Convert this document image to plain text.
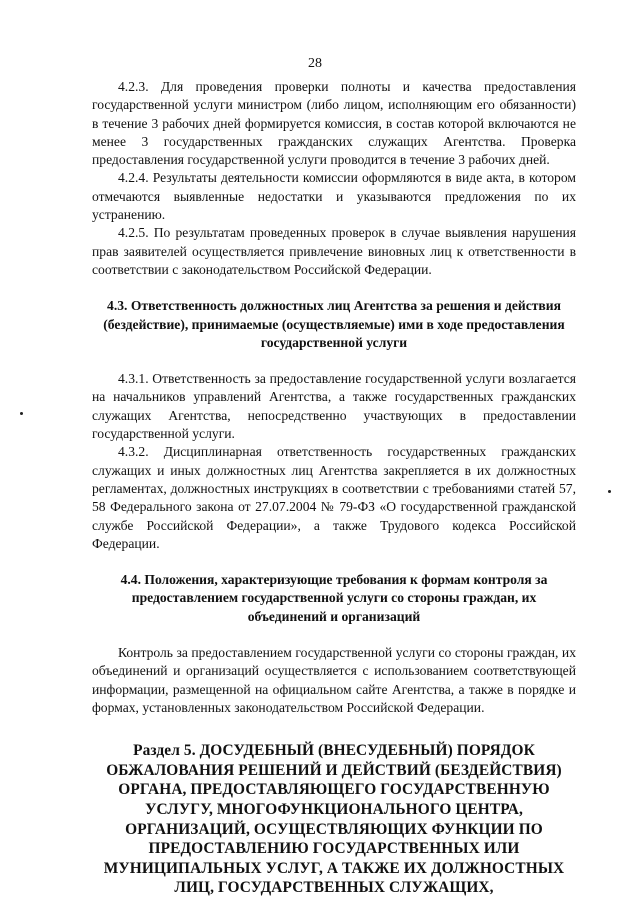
28

4.2.3. Для проведения проверки полноты и качества предоставления государственной услуги министром (либо лицом, исполняющим его обязанности) в течение 3 рабочих дней формируется комиссия, в состав которой включаются не менее 3 государственных гражданских служащих Агентства. Проверка предоставления государственной услуги проводится в течение 3 рабочих дней.

4.2.4. Результаты деятельности комиссии оформляются в виде акта, в котором отмечаются выявленные недостатки и указываются предложения по их устранению.

4.2.5. По результатам проведенных проверок в случае выявления нарушения прав заявителей осуществляется привлечение виновных лиц к ответственности в соответствии с законодательством Российской Федерации.

4.3. Ответственность должностных лиц Агентства за решения и действия (бездействие), принимаемые (осуществляемые) ими в ходе предоставления государственной услуги

4.3.1. Ответственность за предоставление государственной услуги возлагается на начальников управлений Агентства, а также государственных гражданских служащих Агентства, непосредственно участвующих в предоставлении государственной услуги.

4.3.2. Дисциплинарная ответственность государственных гражданских служащих и иных должностных лиц Агентства закрепляется в их должностных регламентах, должностных инструкциях в соответствии с требованиями статей 57, 58 Федерального закона от 27.07.2004 № 79-ФЗ «О государственной гражданской службе Российской Федерации», а также Трудового кодекса Российской Федерации.

4.4. Положения, характеризующие требования к формам контроля за предоставлением государственной услуги со стороны граждан, их объединений и организаций

Контроль за предоставлением государственной услуги со стороны граждан, их объединений и организаций осуществляется с использованием соответствующей информации, размещенной на официальном сайте Агентства, а также в порядке и формах, установленных законодательством Российской Федерации.

Раздел 5. ДОСУДЕБНЫЙ (ВНЕСУДЕБНЫЙ) ПОРЯДОК ОБЖАЛОВАНИЯ РЕШЕНИЙ И ДЕЙСТВИЙ (БЕЗДЕЙСТВИЯ) ОРГАНА, ПРЕДОСТАВЛЯЮЩЕГО ГОСУДАРСТВЕННУЮ УСЛУГУ, МНОГОФУНКЦИОНАЛЬНОГО ЦЕНТРА, ОРГАНИЗАЦИЙ, ОСУЩЕСТВЛЯЮЩИХ ФУНКЦИИ ПО ПРЕДОСТАВЛЕНИЮ ГОСУДАРСТВЕННЫХ ИЛИ МУНИЦИПАЛЬНЫХ УСЛУГ, А ТАКЖЕ ИХ ДОЛЖНОСТНЫХ ЛИЦ, ГОСУДАРСТВЕННЫХ СЛУЖАЩИХ,
